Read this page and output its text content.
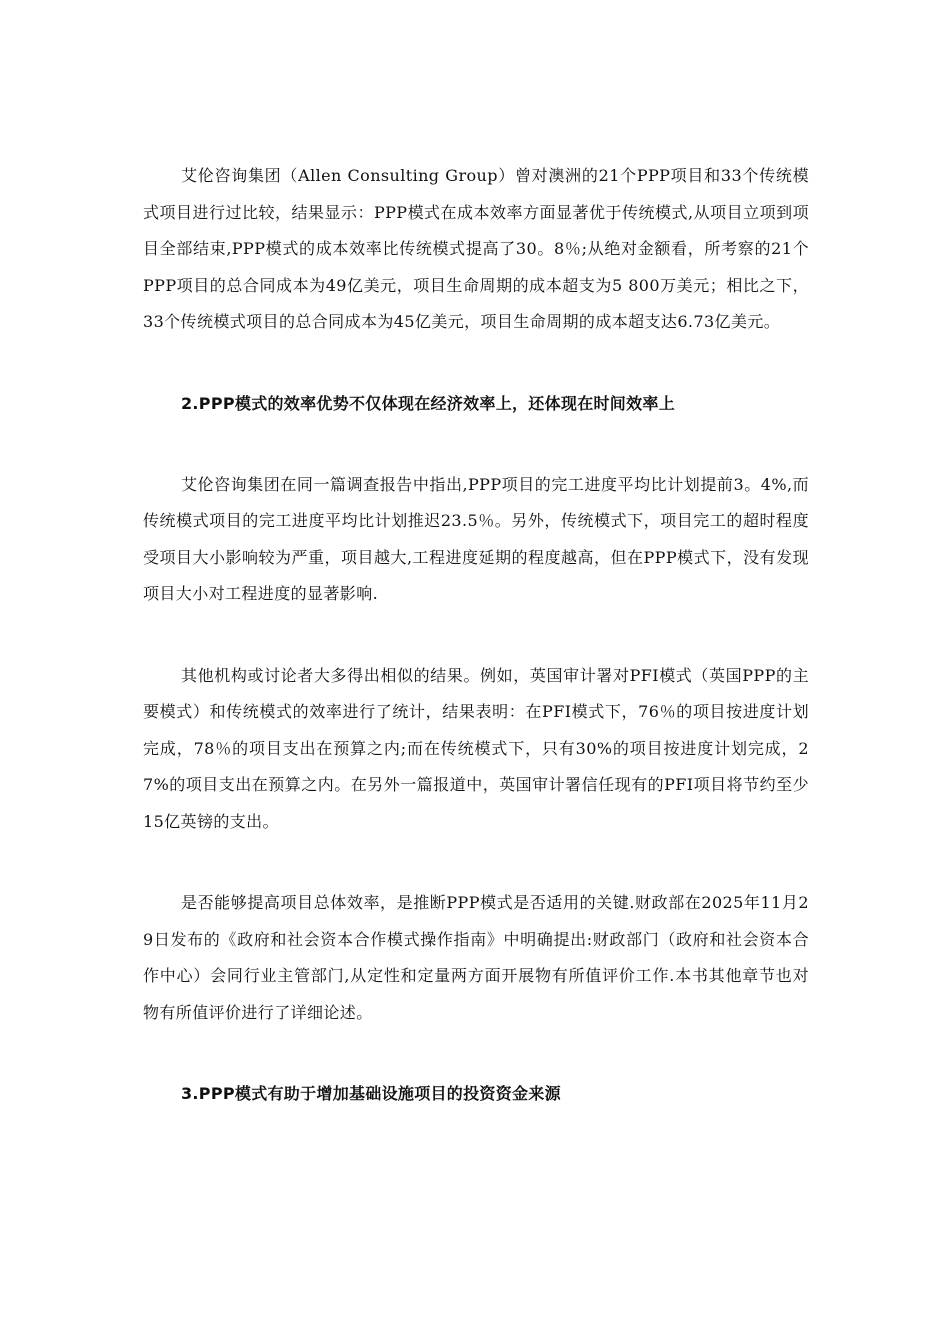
艾伦咨询集团（Allen Consulting Group）曾对澳洲的21个PPP项目和33个传统模式项目进行过比较，结果显示：PPP模式在成本效率方面显著优于传统模式,从项目立项到项目全部结束,PPP模式的成本效率比传统模式提高了30。8％;从绝对金额看，所考察的21个PPP项目的总合同成本为49亿美元，项目生命周期的成本超支为5 800万美元；相比之下，33个传统模式项目的总合同成本为45亿美元，项目生命周期的成本超支达6.73亿美元。

2.PPP模式的效率优势不仅体现在经济效率上，还体现在时间效率上

艾伦咨询集团在同一篇调查报告中指出,PPP项目的完工进度平均比计划提前3。4%,而传统模式项目的完工进度平均比计划推迟23.5％。另外，传统模式下，项目完工的超时程度受项目大小影响较为严重，项目越大,工程进度延期的程度越高，但在PPP模式下，没有发现项目大小对工程进度的显著影响.

其他机构或讨论者大多得出相似的结果。例如，英国审计署对PFI模式（英国PPP的主要模式）和传统模式的效率进行了统计，结果表明：在PFI模式下，76％的项目按进度计划完成，78％的项目支出在预算之内;而在传统模式下，只有30%的项目按进度计划完成，27%的项目支出在预算之内。在另外一篇报道中，英国审计署信任现有的PFI项目将节约至少15亿英镑的支出。

是否能够提高项目总体效率，是推断PPP模式是否适用的关键.财政部在2025年11月29日发布的《政府和社会资本合作模式操作指南》中明确提出:财政部门（政府和社会资本合作中心）会同行业主管部门,从定性和定量两方面开展物有所值评价工作.本书其他章节也对物有所值评价进行了详细论述。

3.PPP模式有助于增加基础设施项目的投资资金来源
